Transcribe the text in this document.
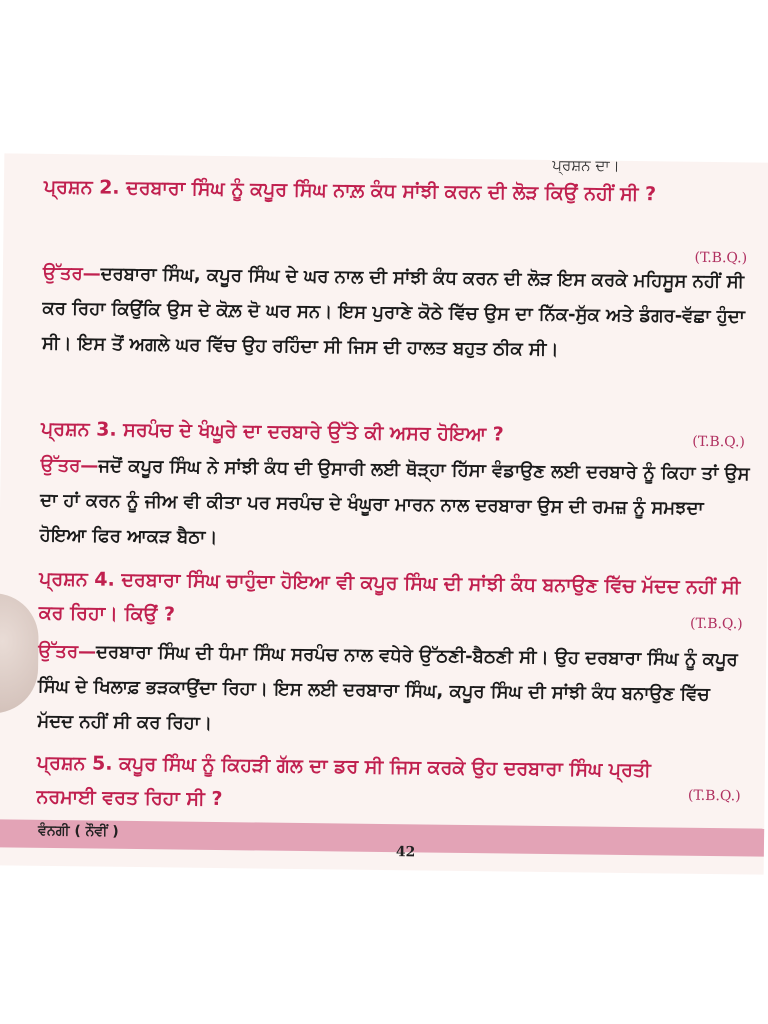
ਪ੍ਰਸ਼ਨ ਦਾ।
ਪ੍ਰਸ਼ਨ 2. ਦਰਬਾਰਾ ਸਿੰਘ ਨੂੰ ਕਪੂਰ ਸਿੰਘ ਨਾਲ਼ ਕੰਧ ਸਾਂਝੀ ਕਰਨ ਦੀ ਲੋੜ ਕਿਉਂ ਨਹੀਂ ਸੀ ?
(T.B.Q.)
ਉੱਤਰ—ਦਰਬਾਰਾ ਸਿੰਘ, ਕਪੂਰ ਸਿੰਘ ਦੇ ਘਰ ਨਾਲ ਦੀ ਸਾਂਝੀ ਕੰਧ ਕਰਨ ਦੀ ਲੋੜ ਇਸ ਕਰਕੇ ਮਹਿਸੂਸ ਨਹੀਂ ਸੀ ਕਰ ਰਿਹਾ ਕਿਉਂਕਿ ਉਸ ਦੇ ਕੋਲ਼ ਦੋ ਘਰ ਸਨ। ਇਸ ਪੁਰਾਣੇ ਕੋਠੇ ਵਿੱਚ ਉਸ ਦਾ ਨਿੱਕ-ਸੁੱਕ ਅਤੇ ਡੰਗਰ-ਵੱਛਾ ਹੁੰਦਾ ਸੀ। ਇਸ ਤੋਂ ਅਗਲੇ ਘਰ ਵਿੱਚ ਉਹ ਰਹਿੰਦਾ ਸੀ ਜਿਸ ਦੀ ਹਾਲਤ ਬਹੁਤ ਠੀਕ ਸੀ।
ਪ੍ਰਸ਼ਨ 3. ਸਰਪੰਚ ਦੇ ਖੰਘੂਰੇ ਦਾ ਦਰਬਾਰੇ ਉੱਤੇ ਕੀ ਅਸਰ ਹੋਇਆ ?	(T.B.Q.)
ਉੱਤਰ—ਜਦੋਂ ਕਪੂਰ ਸਿੰਘ ਨੇ ਸਾਂਝੀ ਕੰਧ ਦੀ ਉਸਾਰੀ ਲਈ ਥੋੜ੍ਹਾ ਹਿੱਸਾ ਵੰਡਾਉਣ ਲਈ ਦਰਬਾਰੇ ਨੂੰ ਕਿਹਾ ਤਾਂ ਉਸ ਦਾ ਹਾਂ ਕਰਨ ਨੂੰ ਜੀਅ ਵੀ ਕੀਤਾ ਪਰ ਸਰਪੰਚ ਦੇ ਖੰਘੂਰਾ ਮਾਰਨ ਨਾਲ ਦਰਬਾਰਾ ਉਸ ਦੀ ਰਮਜ਼ ਨੂੰ ਸਮਝਦਾ ਹੋਇਆ ਫਿਰ ਆਕੜ ਬੈਠਾ।
ਪ੍ਰਸ਼ਨ 4. ਦਰਬਾਰਾ ਸਿੰਘ ਚਾਹੁੰਦਾ ਹੋਇਆ ਵੀ ਕਪੂਰ ਸਿੰਘ ਦੀ ਸਾਂਝੀ ਕੰਧ ਬਨਾਉਣ ਵਿੱਚ ਮੱਦਦ ਨਹੀਂ ਸੀ ਕਰ ਰਿਹਾ। ਕਿਉਂ ?	(T.B.Q.)
ਉੱਤਰ—ਦਰਬਾਰਾ ਸਿੰਘ ਦੀ ਧੰਮਾ ਸਿੰਘ ਸਰਪੰਚ ਨਾਲ ਵਧੇਰੇ ਉੱਠਣੀ-ਬੈਠਣੀ ਸੀ। ਉਹ ਦਰਬਾਰਾ ਸਿੰਘ ਨੂੰ ਕਪੂਰ ਸਿੰਘ ਦੇ ਖਿਲਾਫ਼ ਭੜਕਾਉਂਦਾ ਰਿਹਾ। ਇਸ ਲਈ ਦਰਬਾਰਾ ਸਿੰਘ, ਕਪੂਰ ਸਿੰਘ ਦੀ ਸਾਂਝੀ ਕੰਧ ਬਨਾਉਣ ਵਿੱਚ ਮੱਦਦ ਨਹੀਂ ਸੀ ਕਰ ਰਿਹਾ।
ਪ੍ਰਸ਼ਨ 5. ਕਪੂਰ ਸਿੰਘ ਨੂੰ ਕਿਹੜੀ ਗੱਲ ਦਾ ਡਰ ਸੀ ਜਿਸ ਕਰਕੇ ਉਹ ਦਰਬਾਰਾ ਸਿੰਘ ਪ੍ਰਤੀ ਨਰਮਾਈ ਵਰਤ ਰਿਹਾ ਸੀ ?	(T.B.Q.)
ਵੰਨਗੀ ( ਨੌਵੀਂ )
42
